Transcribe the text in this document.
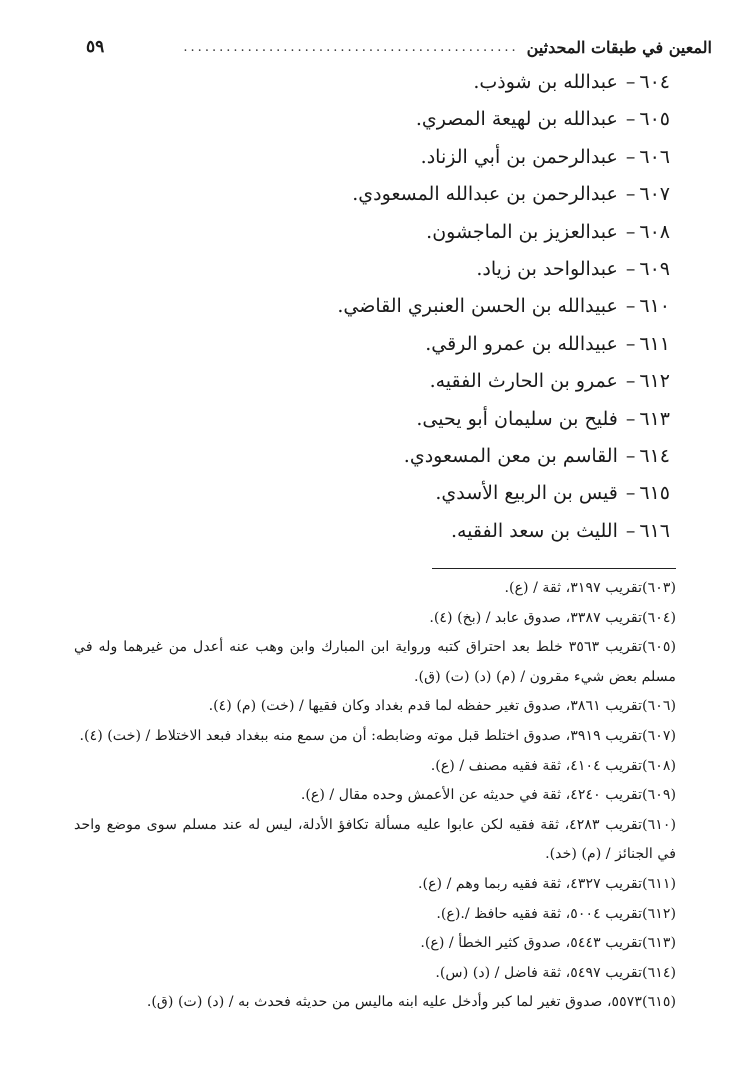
المعين في طبقات المحدثين
...............................................
٥٩
٦٠٤–عبدالله بن شوذب.
٦٠٥–عبدالله بن لهيعة المصري.
٦٠٦–عبدالرحمن بن أبي الزناد.
٦٠٧–عبدالرحمن بن عبدالله المسعودي.
٦٠٨–عبدالعزيز بن الماجشون.
٦٠٩–عبدالواحد بن زياد.
٦١٠–عبيدالله بن الحسن العنبري القاضي.
٦١١–عبيدالله بن عمرو الرقي.
٦١٢–عمرو بن الحارث الفقيه.
٦١٣–فليح بن سليمان أبو يحيى.
٦١٤–القاسم بن معن المسعودي.
٦١٥–قيس بن الربيع الأسدي.
٦١٦–الليث بن سعد الفقيه.
(٦٠٣)تقريب ٣١٩٧، ثقة / (ع).
(٦٠٤)تقريب ٣٣٨٧، صدوق عابد / (بخ) (٤).
(٦٠٥)تقريب ٣٥٦٣ خلط بعد احتراق كتبه ورواية ابن المبارك وابن وهب عنه أعدل من غيرهما وله في مسلم بعض شيء مقرون / (م) (د) (ت) (ق).
(٦٠٦)تقريب ٣٨٦١، صدوق تغير حفظه لما قدم بغداد وكان فقيها / (خت) (م) (٤).
(٦٠٧)تقريب ٣٩١٩، صدوق اختلط قبل موته وضابطه: أن من سمع منه ببغداد فبعد الاختلاط / (خت) (٤).
(٦٠٨)تقريب ٤١٠٤، ثقة فقيه مصنف / (ع).
(٦٠٩)تقريب ٤٢٤٠، ثقة في حديثه عن الأعمش وحده مقال / (ع).
(٦١٠)تقريب ٤٢٨٣، ثقة فقيه لكن عابوا عليه مسألة تكافؤ الأدلة، ليس له عند مسلم سوى موضع واحد في الجنائز / (م) (خد).
(٦١١)تقريب ٤٣٢٧، ثقة فقيه ربما وهم / (ع).
(٦١٢)تقريب ٥٠٠٤، ثقة فقيه حافظ /.(ع).
(٦١٣)تقريب ٥٤٤٣، صدوق كثير الخطأ / (ع).
(٦١٤)تقريب ٥٤٩٧، ثقة فاضل / (د) (س).
(٦١٥)٥٥٧٣، صدوق تغير لما كبر وأدخل عليه ابنه ماليس من حديثه فحدث به / (د) (ت) (ق).
